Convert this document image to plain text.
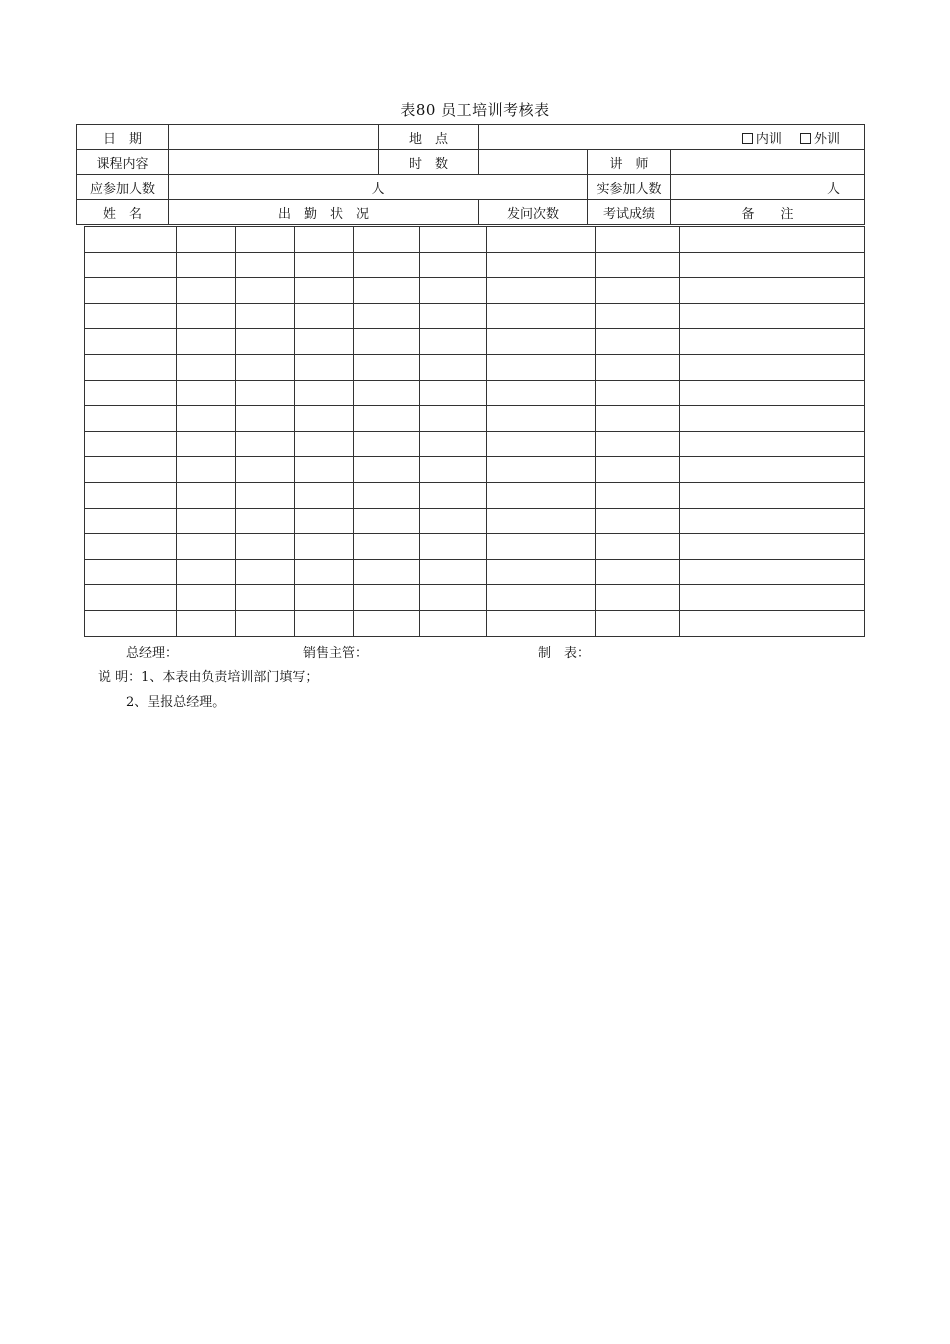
表80 员工培训考核表
日　期		地　点	内训 外训		
课程内容		时　数		讲　师	
应参加人数	人			实参加人数	人
姓　名	出　勤　状　况		发问次数	考试成绩	备　　注

总经理：	销售主管：	制　表：
说 明：1、本表由负责培训部门填写；
2、呈报总经理。
